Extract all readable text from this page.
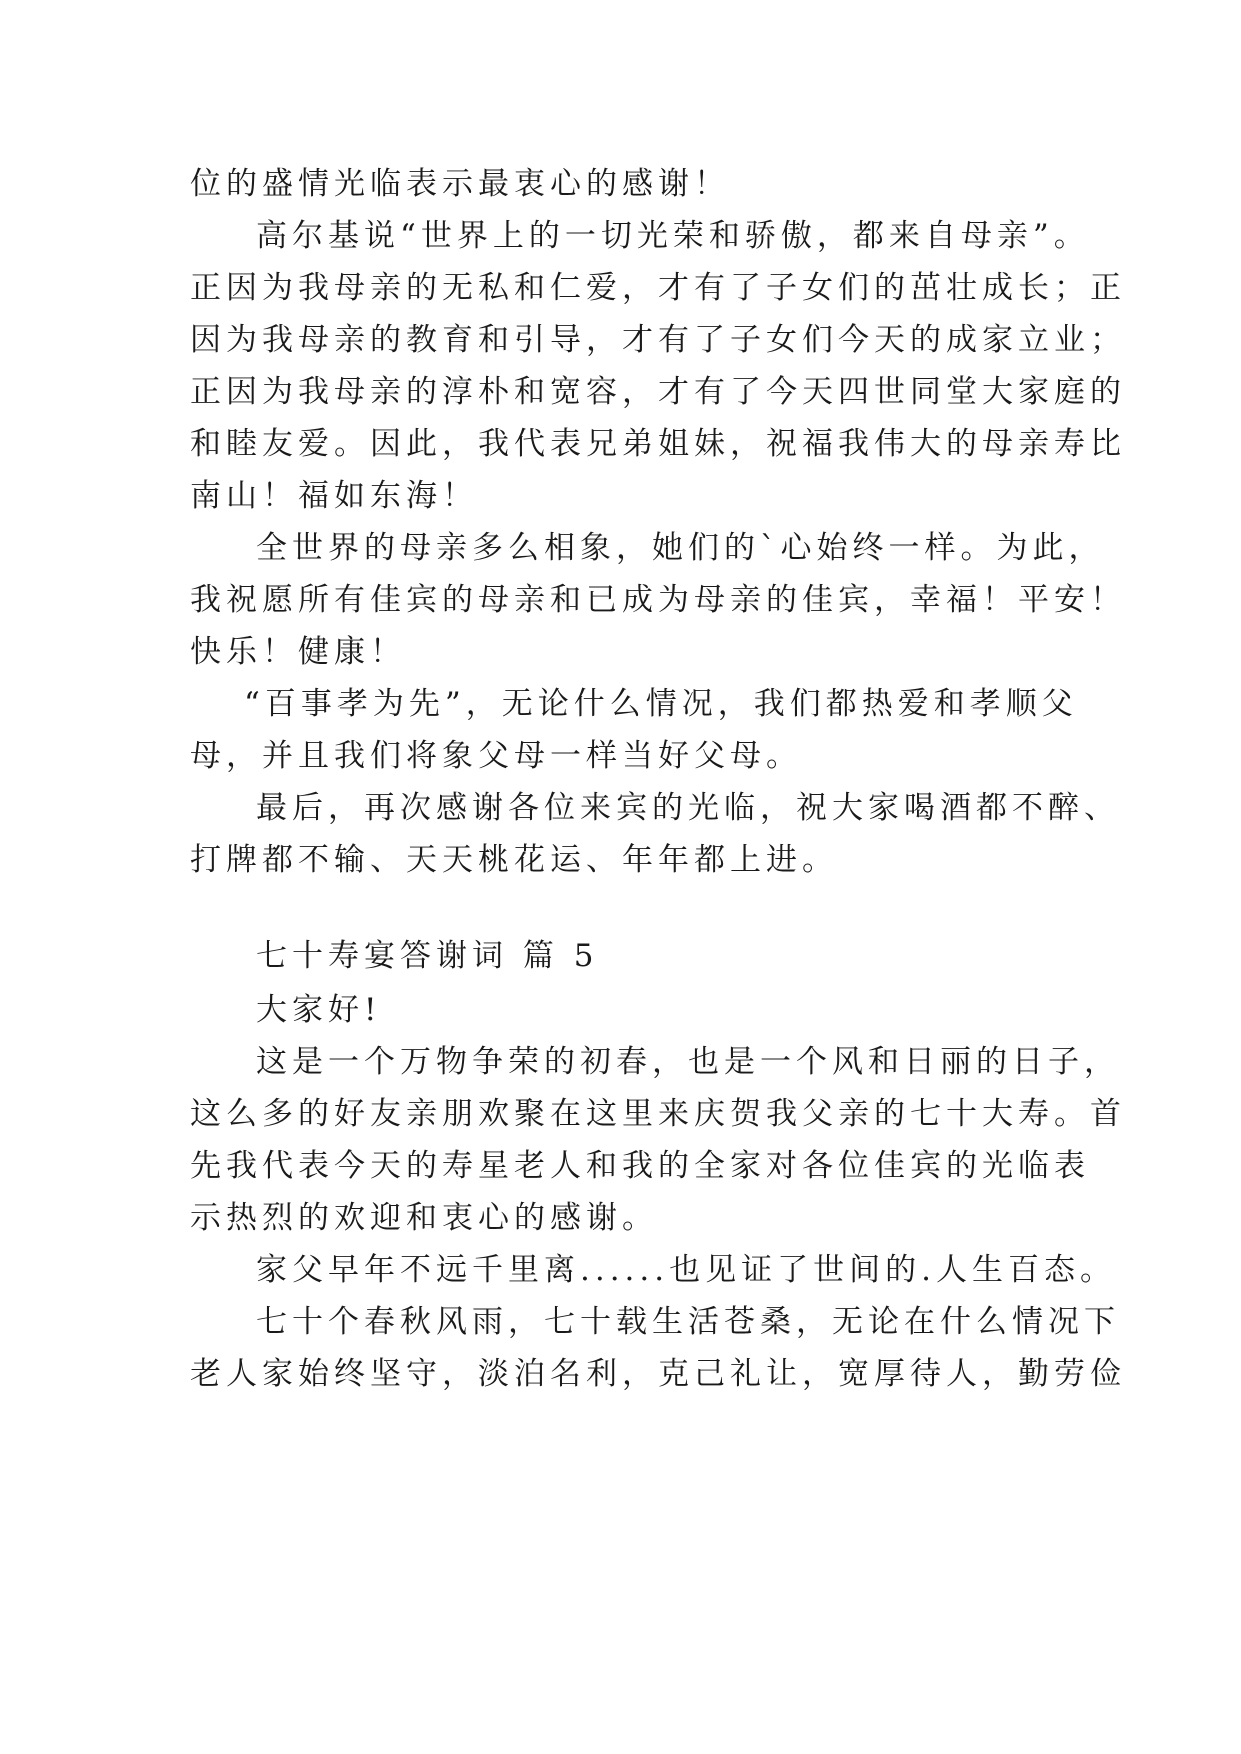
位的盛情光临表示最衷心的感谢！
高尔基说“世界上的一切光荣和骄傲，都来自母亲”。
正因为我母亲的无私和仁爱，才有了子女们的茁壮成长；正
因为我母亲的教育和引导，才有了子女们今天的成家立业；
正因为我母亲的淳朴和宽容，才有了今天四世同堂大家庭的
和睦友爱。因此，我代表兄弟姐妹，祝福我伟大的母亲寿比
南山！福如东海！
全世界的母亲多么相象，她们的`心始终一样。为此，
我祝愿所有佳宾的母亲和已成为母亲的佳宾，幸福！平安！
快乐！健康！
“百事孝为先”，无论什么情况，我们都热爱和孝顺父
母，并且我们将象父母一样当好父母。
最后，再次感谢各位来宾的光临，祝大家喝酒都不醉、
打牌都不输、天天桃花运、年年都上进。
七十寿宴答谢词 篇 5
大家好!
这是一个万物争荣的初春，也是一个风和日丽的日子，
这么多的好友亲朋欢聚在这里来庆贺我父亲的七十大寿。首
先我代表今天的寿星老人和我的全家对各位佳宾的光临表
示热烈的欢迎和衷心的感谢。
家父早年不远千里离......也见证了世间的.人生百态。
七十个春秋风雨，七十载生活苍桑，无论在什么情况下
老人家始终坚守，淡泊名利，克己礼让，宽厚待人，勤劳俭
